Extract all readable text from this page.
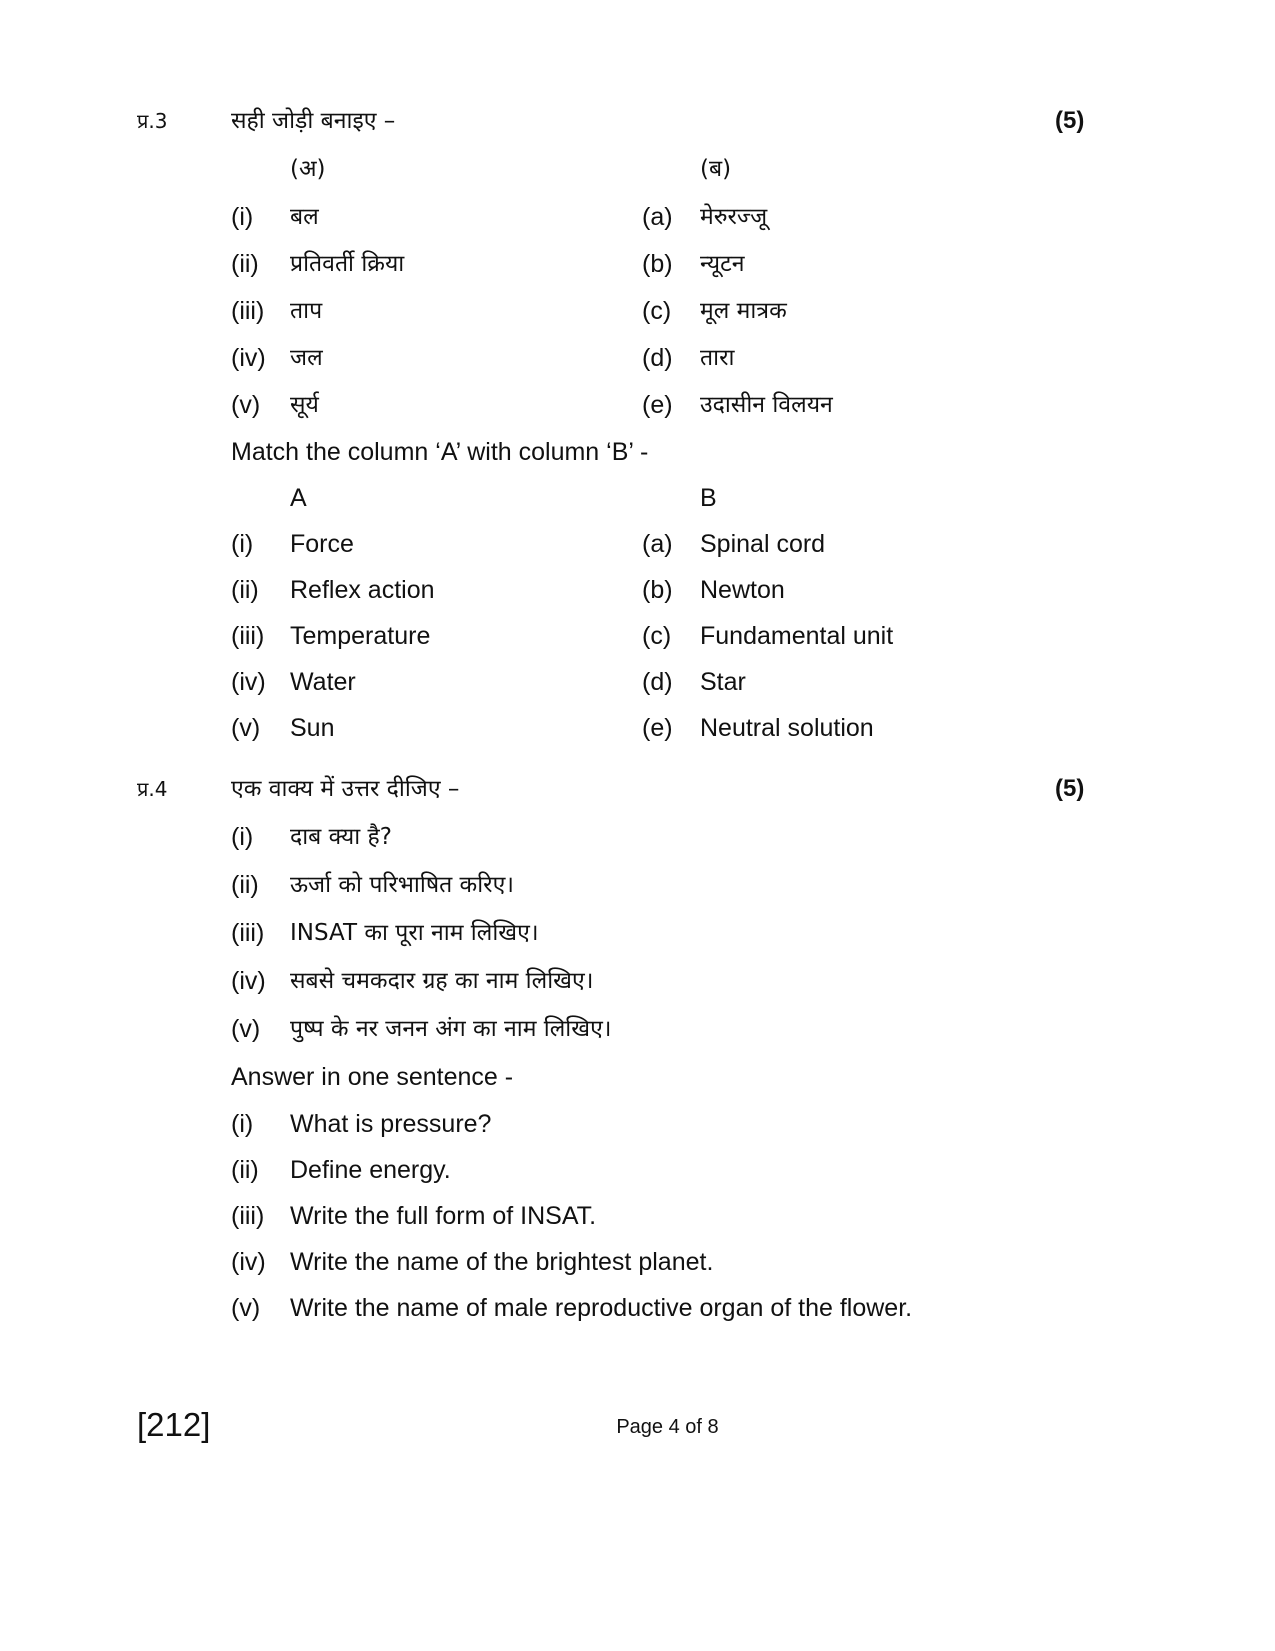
प्र.3	सही जोड़ी बनाइए –	(5)
(अ)	(ब)
(i) बल	(a) मेरुरज्जू
(ii) प्रतिवर्ती क्रिया	(b) न्यूटन
(iii) ताप	(c) मूल मात्रक
(iv) जल	(d) तारा
(v) सूर्य	(e) उदासीन विलयन
Match the column ‘A’ with column ‘B’ -
A	B
(i) Force	(a) Spinal cord
(ii) Reflex action	(b) Newton
(iii) Temperature	(c) Fundamental unit
(iv) Water	(d) Star
(v) Sun	(e) Neutral solution
प्र.4	एक वाक्य में उत्तर दीजिए –	(5)
(i) दाब क्या है?
(ii) ऊर्जा को परिभाषित करिए।
(iii) INSAT का पूरा नाम लिखिए।
(iv) सबसे चमकदार ग्रह का नाम लिखिए।
(v) पुष्प के नर जनन अंग का नाम लिखिए।
Answer in one sentence -
(i) What is pressure?
(ii) Define energy.
(iii) Write the full form of INSAT.
(iv) Write the name of the brightest planet.
(v) Write the name of male reproductive organ of the flower.
[212]	Page 4 of 8
